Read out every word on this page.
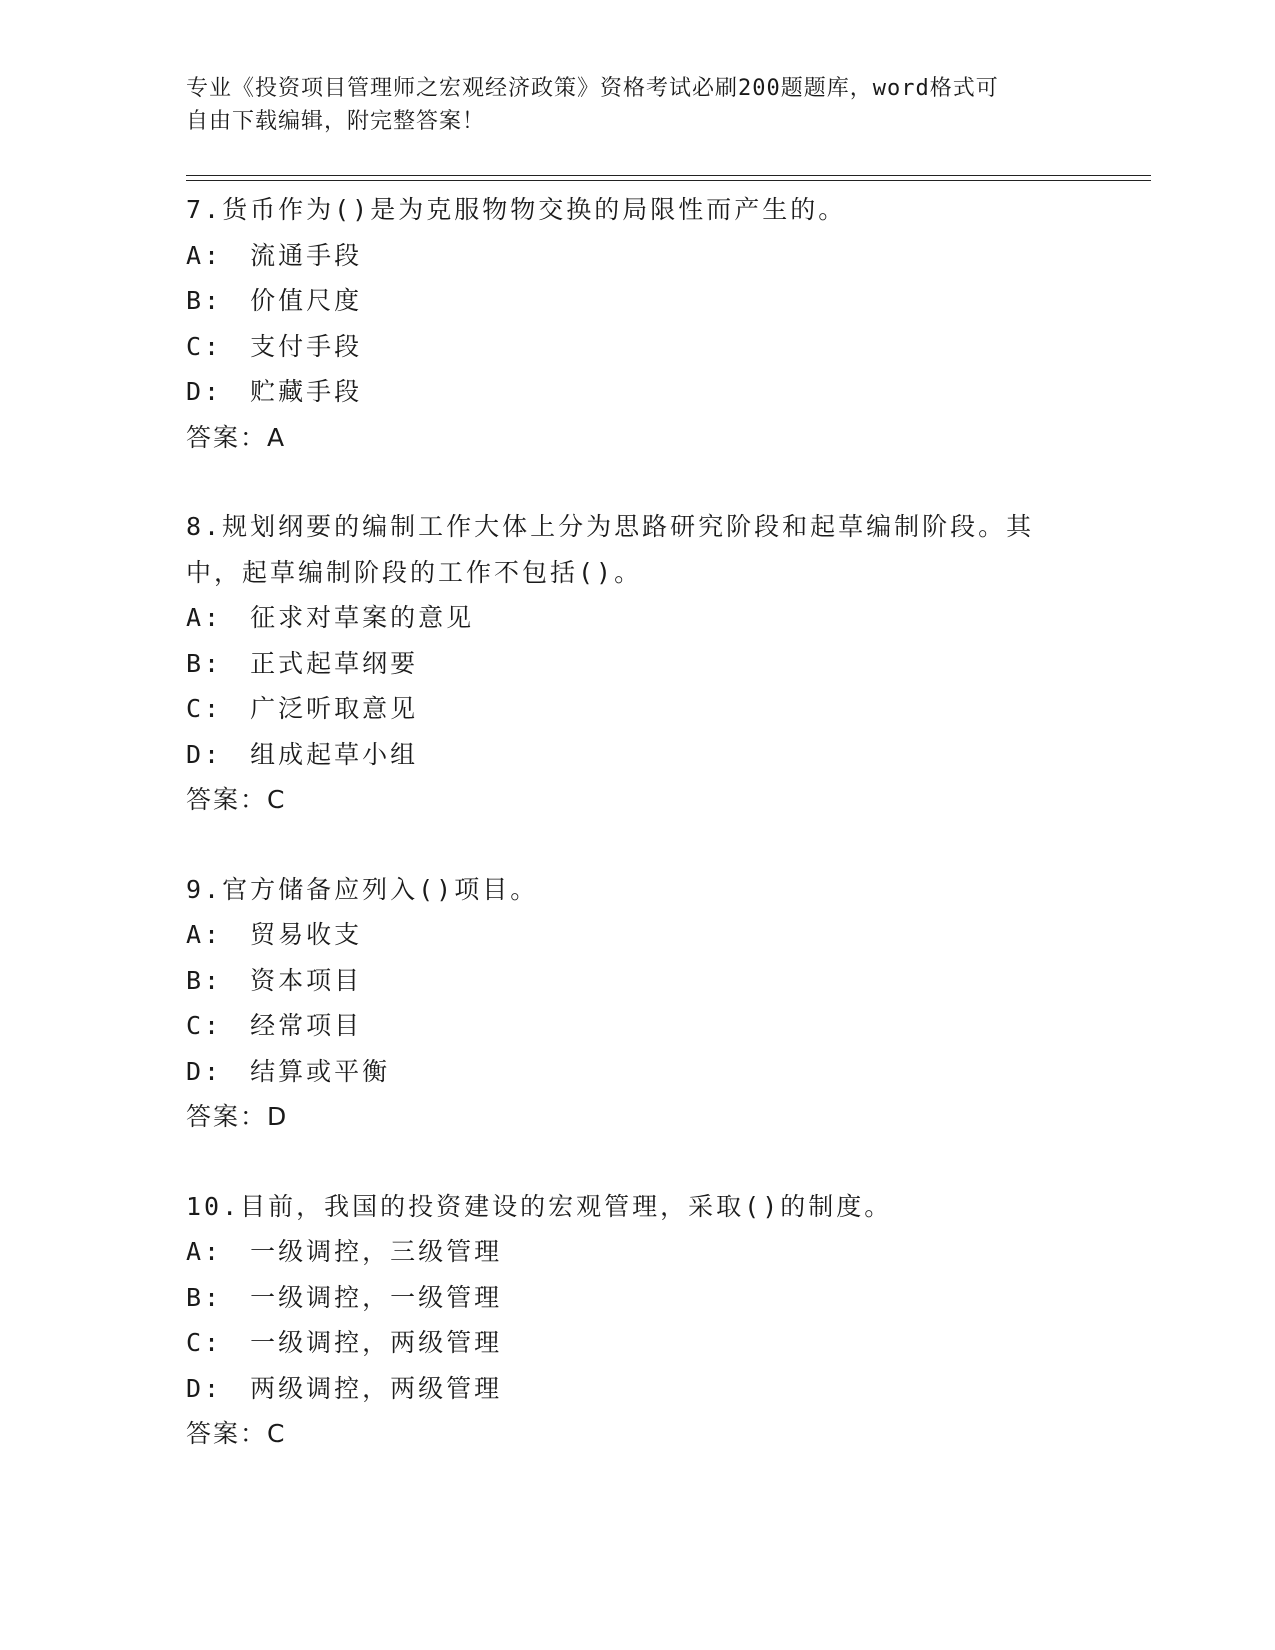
专业《投资项目管理师之宏观经济政策》资格考试必刷200题题库，word格式可
自由下载编辑，附完整答案！

7.货币作为()是为克服物物交换的局限性而产生的。

A:　流通手段

B:　价值尺度

C:　支付手段

D:　贮藏手段

答案：A

8.规划纲要的编制工作大体上分为思路研究阶段和起草编制阶段。其中，起草编制阶段的工作不包括()。

A:　征求对草案的意见

B:　正式起草纲要

C:　广泛听取意见

D:　组成起草小组

答案：C

9.官方储备应列入()项目。

A:　贸易收支

B:　资本项目

C:　经常项目

D:　结算或平衡

答案：D

10.目前，我国的投资建设的宏观管理，采取()的制度。

A:　一级调控，三级管理

B:　一级调控，一级管理

C:　一级调控，两级管理

D:　两级调控，两级管理

答案：C
